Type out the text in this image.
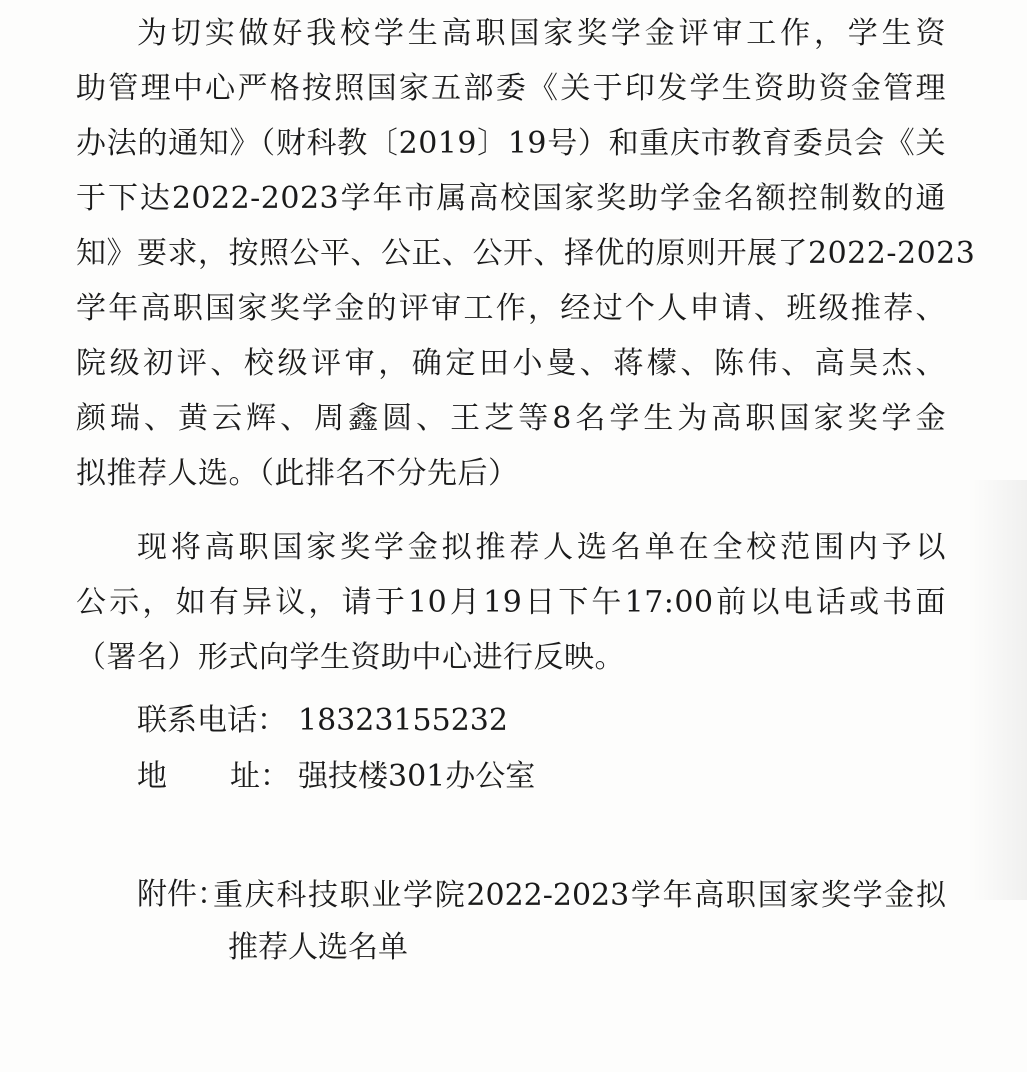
为切实做好我校学生高职国家奖学金评审工作，学生资
助管理中心严格按照国家五部委《关于印发学生资助资金管理
办法的通知》（财科教〔2019〕19号）和重庆市教育委员会《关
于下达2022-2023学年市属高校国家奖助学金名额控制数的通
知》要求，按照公平、公正、公开、择优的原则开展了2022-2023
学年高职国家奖学金的评审工作，经过个人申请、班级推荐、
院级初评、校级评审，确定田小曼、蒋檬、陈伟、高昊杰、
颜瑞、黄云辉、周鑫圆、王芝等8名学生为高职国家奖学金
拟推荐人选。（此排名不分先后）
现将高职国家奖学金拟推荐人选名单在全校范围内予以
公示，如有异议，请于10月19日下午17:00前以电话或书面
（署名）形式向学生资助中心进行反映。
联系电话： 18323155232
地 址： 强技楼301办公室
附件：
重庆科技职业学院2022-2023学年高职国家奖学金拟
推荐人选名单
